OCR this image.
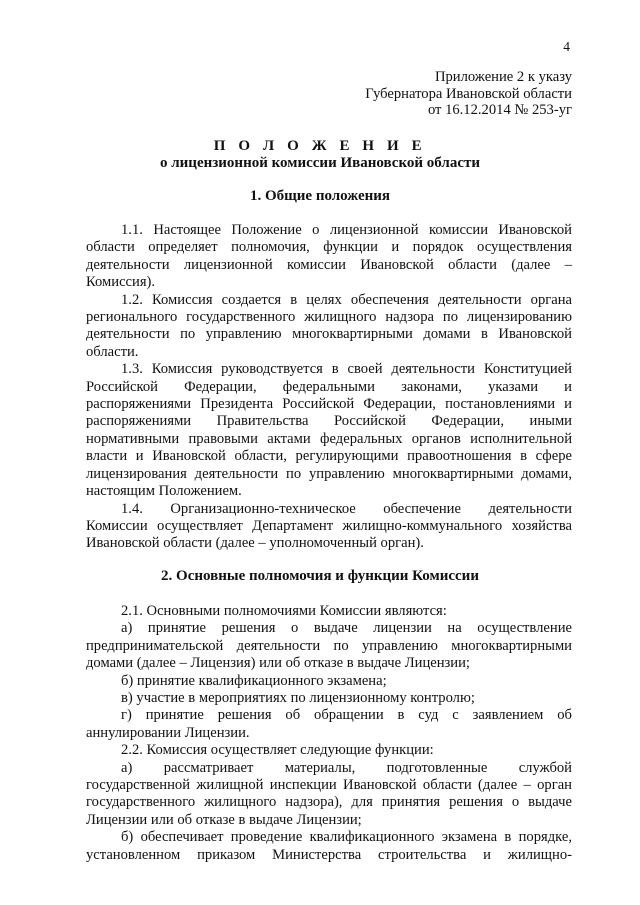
4
Приложение 2 к указу
Губернатора Ивановской области
от 16.12.2014 № 253-уг
П О Л О Ж Е Н И Е
о лицензионной комиссии Ивановской области
1. Общие положения
1.1. Настоящее Положение о лицензионной комиссии Ивановской
области определяет полномочия, функции и порядок осуществления
деятельности лицензионной комиссии Ивановской области (далее –
Комиссия).
1.2. Комиссия создается в целях обеспечения деятельности органа
регионального государственного жилищного надзора по лицензированию
деятельности по управлению многоквартирными домами в Ивановской
области.
1.3. Комиссия руководствуется в своей деятельности Конституцией
Российской Федерации, федеральными законами, указами и
распоряжениями Президента Российской Федерации, постановлениями и
распоряжениями Правительства Российской Федерации, иными
нормативными правовыми актами федеральных органов исполнительной
власти и Ивановской области, регулирующими правоотношения в сфере
лицензирования деятельности по управлению многоквартирными домами,
настоящим Положением.
1.4. Организационно-техническое обеспечение деятельности
Комиссии осуществляет Департамент жилищно-коммунального хозяйства
Ивановской области (далее – уполномоченный орган).
2. Основные полномочия и функции Комиссии
2.1. Основными полномочиями Комиссии являются:
а) принятие решения о выдаче лицензии на осуществление
предпринимательской деятельности по управлению многоквартирными
домами (далее – Лицензия) или об отказе в выдаче Лицензии;
б) принятие квалификационного экзамена;
в) участие в мероприятиях по лицензионному контролю;
г) принятие решения об обращении в суд с заявлением об
аннулировании Лицензии.
2.2. Комиссия осуществляет следующие функции:
а) рассматривает материалы, подготовленные службой
государственной жилищной инспекции Ивановской области (далее – орган
государственного жилищного надзора), для принятия решения о выдаче
Лицензии или об отказе в выдаче Лицензии;
б) обеспечивает проведение квалификационного экзамена в порядке,
установленном приказом Министерства строительства и жилищно-
